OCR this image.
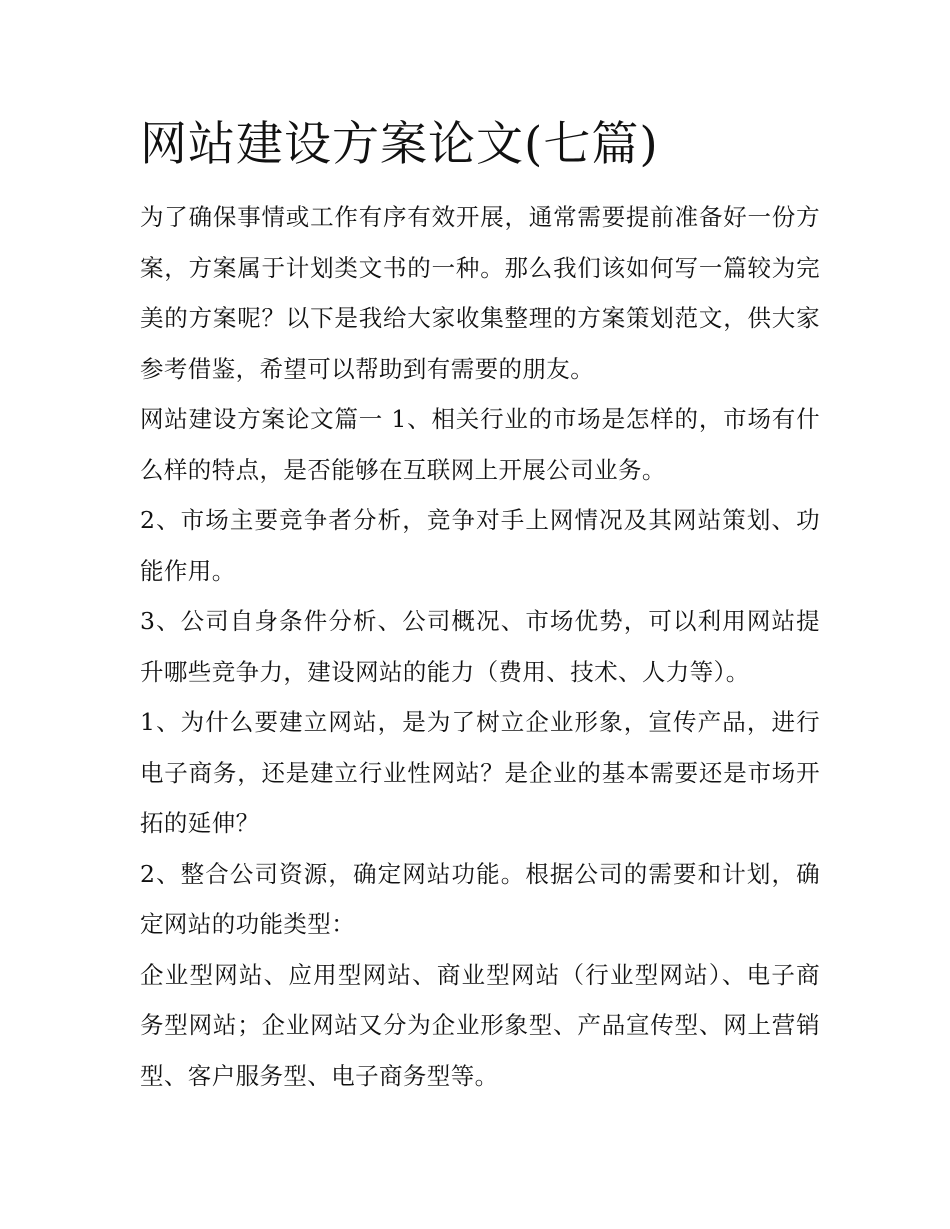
网站建设方案论文(七篇)

为了确保事情或工作有序有效开展，通常需要提前准备好一份方案，方案属于计划类文书的一种。那么我们该如何写一篇较为完美的方案呢？以下是我给大家收集整理的方案策划范文，供大家参考借鉴，希望可以帮助到有需要的朋友。

网站建设方案论文篇一 1、相关行业的市场是怎样的，市场有什么样的特点，是否能够在互联网上开展公司业务。

2、市场主要竞争者分析，竞争对手上网情况及其网站策划、功能作用。

3、公司自身条件分析、公司概况、市场优势，可以利用网站提升哪些竞争力，建设网站的能力（费用、技术、人力等）。

1、为什么要建立网站，是为了树立企业形象，宣传产品，进行电子商务，还是建立行业性网站？是企业的基本需要还是市场开拓的延伸？

2、整合公司资源，确定网站功能。根据公司的需要和计划，确定网站的功能类型：

企业型网站、应用型网站、商业型网站（行业型网站）、电子商务型网站；企业网站又分为企业形象型、产品宣传型、网上营销型、客户服务型、电子商务型等。
